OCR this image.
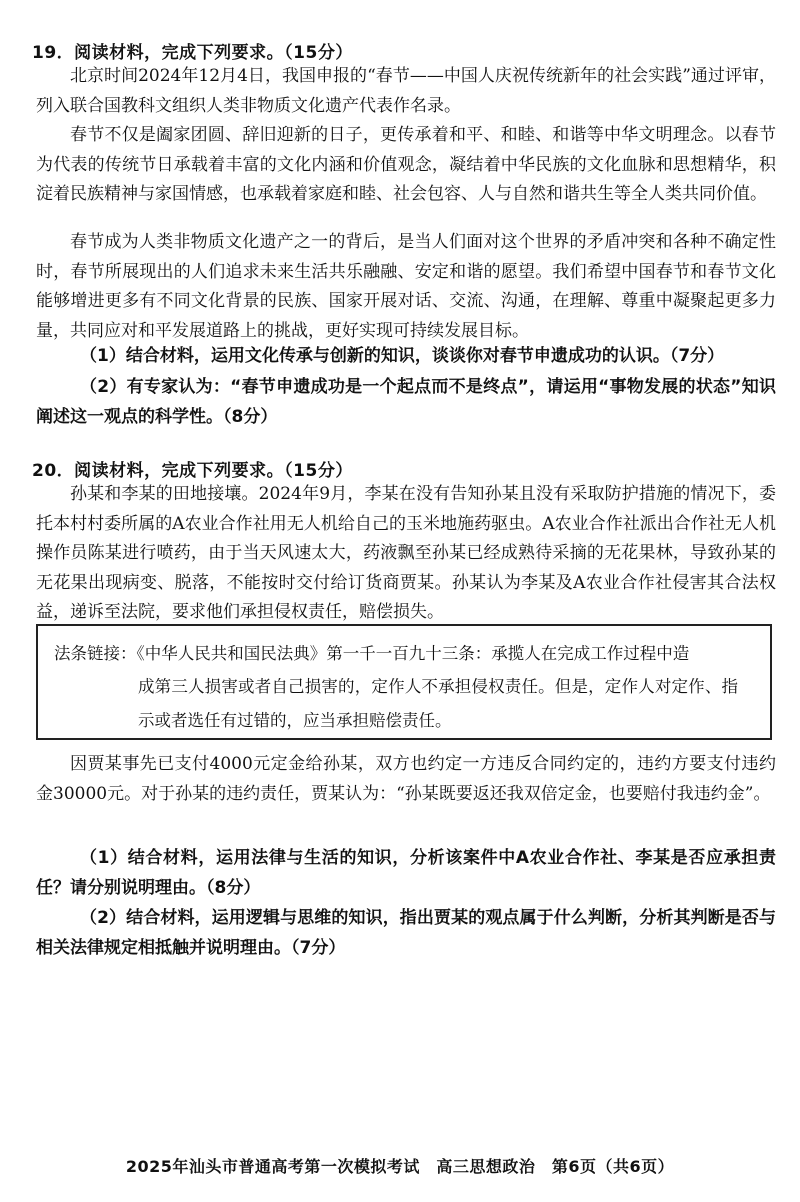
19．阅读材料，完成下列要求。（15分）
北京时间2024年12月4日，我国申报的“春节——中国人庆祝传统新年的社会实践”通过评审，列入联合国教科文组织人类非物质文化遗产代表作名录。
春节不仅是阖家团圆、辞旧迎新的日子，更传承着和平、和睦、和谐等中华文明理念。以春节为代表的传统节日承载着丰富的文化内涵和价值观念，凝结着中华民族的文化血脉和思想精华，积淀着民族精神与家国情感，也承载着家庭和睦、社会包容、人与自然和谐共生等全人类共同价值。
春节成为人类非物质文化遗产之一的背后，是当人们面对这个世界的矛盾冲突和各种不确定性时，春节所展现出的人们追求未来生活共乐融融、安定和谐的愿望。我们希望中国春节和春节文化能够增进更多有不同文化背景的民族、国家开展对话、交流、沟通，在理解、尊重中凝聚起更多力量，共同应对和平发展道路上的挑战，更好实现可持续发展目标。
（1）结合材料，运用文化传承与创新的知识，谈谈你对春节申遗成功的认识。（7分）
（2）有专家认为：“春节申遗成功是一个起点而不是终点”，请运用“事物发展的状态”知识阐述这一观点的科学性。（8分）
20．阅读材料，完成下列要求。（15分）
孙某和李某的田地接壤。2024年9月，李某在没有告知孙某且没有采取防护措施的情况下，委托本村村委所属的A农业合作社用无人机给自己的玉米地施药驱虫。A农业合作社派出合作社无人机操作员陈某进行喷药，由于当天风速太大，药液飘至孙某已经成熟待采摘的无花果林，导致孙某的无花果出现病变、脱落，不能按时交付给订货商贾某。孙某认为李某及A农业合作社侵害其合法权益，递诉至法院，要求他们承担侵权责任，赔偿损失。
法条链接：《中华人民共和国民法典》第一千一百九十三条：承揽人在完成工作过程中造
成第三人损害或者自己损害的，定作人不承担侵权责任。但是，定作人对定作、指示或者选任有过错的，应当承担赔偿责任。
因贾某事先已支付4000元定金给孙某，双方也约定一方违反合同约定的，违约方要支付违约金30000元。对于孙某的违约责任，贾某认为：“孙某既要返还我双倍定金，也要赔付我违约金”。
（1）结合材料，运用法律与生活的知识，分析该案件中A农业合作社、李某是否应承担责任？请分别说明理由。（8分）
（2）结合材料，运用逻辑与思维的知识，指出贾某的观点属于什么判断，分析其判断是否与相关法律规定相抵触并说明理由。（7分）
2025年汕头市普通高考第一次模拟考试　高三思想政治　第6页（共6页）
